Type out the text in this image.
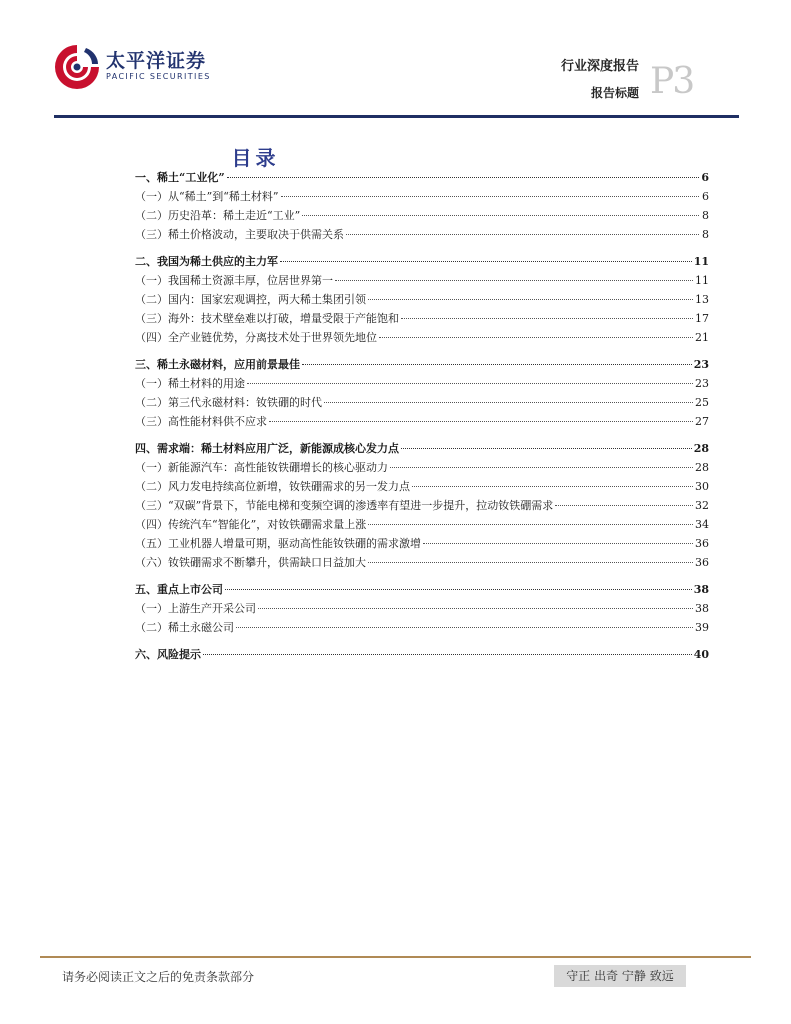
太平洋证券
PACIFIC SECURITIES
行业深度报告
报告标题 P3
目录
一、稀土“工业化”	6
（一）从“稀土”到“稀土材料”	6
（二）历史沿革：稀土走近“工业”	8
（三）稀土价格波动，主要取决于供需关系	8
二、我国为稀土供应的主力军	11
（一）我国稀土资源丰厚，位居世界第一	11
（二）国内：国家宏观调控，两大稀土集团引领	13
（三）海外：技术壁垒难以打破，增量受限于产能饱和	17
（四）全产业链优势，分离技术处于世界领先地位	21
三、稀土永磁材料，应用前景最佳	23
（一）稀土材料的用途	23
（二）第三代永磁材料：钕铁硼的时代	25
（三）高性能材料供不应求	27
四、需求端：稀土材料应用广泛，新能源成核心发力点	28
（一）新能源汽车：高性能钕铁硼增长的核心驱动力	28
（二）风力发电持续高位新增，钕铁硼需求的另一发力点	30
（三）“双碳”背景下，节能电梯和变频空调的渗透率有望进一步提升，拉动钕铁硼需求	32
（四）传统汽车“智能化”，对钕铁硼需求量上涨	34
（五）工业机器人增量可期，驱动高性能钕铁硼的需求激增	36
（六）钕铁硼需求不断攀升，供需缺口日益加大	36
五、重点上市公司	38
（一）上游生产开采公司	38
（二）稀土永磁公司	39
六、风险提示	40
请务必阅读正文之后的免责条款部分	守正 出奇 宁静 致远
